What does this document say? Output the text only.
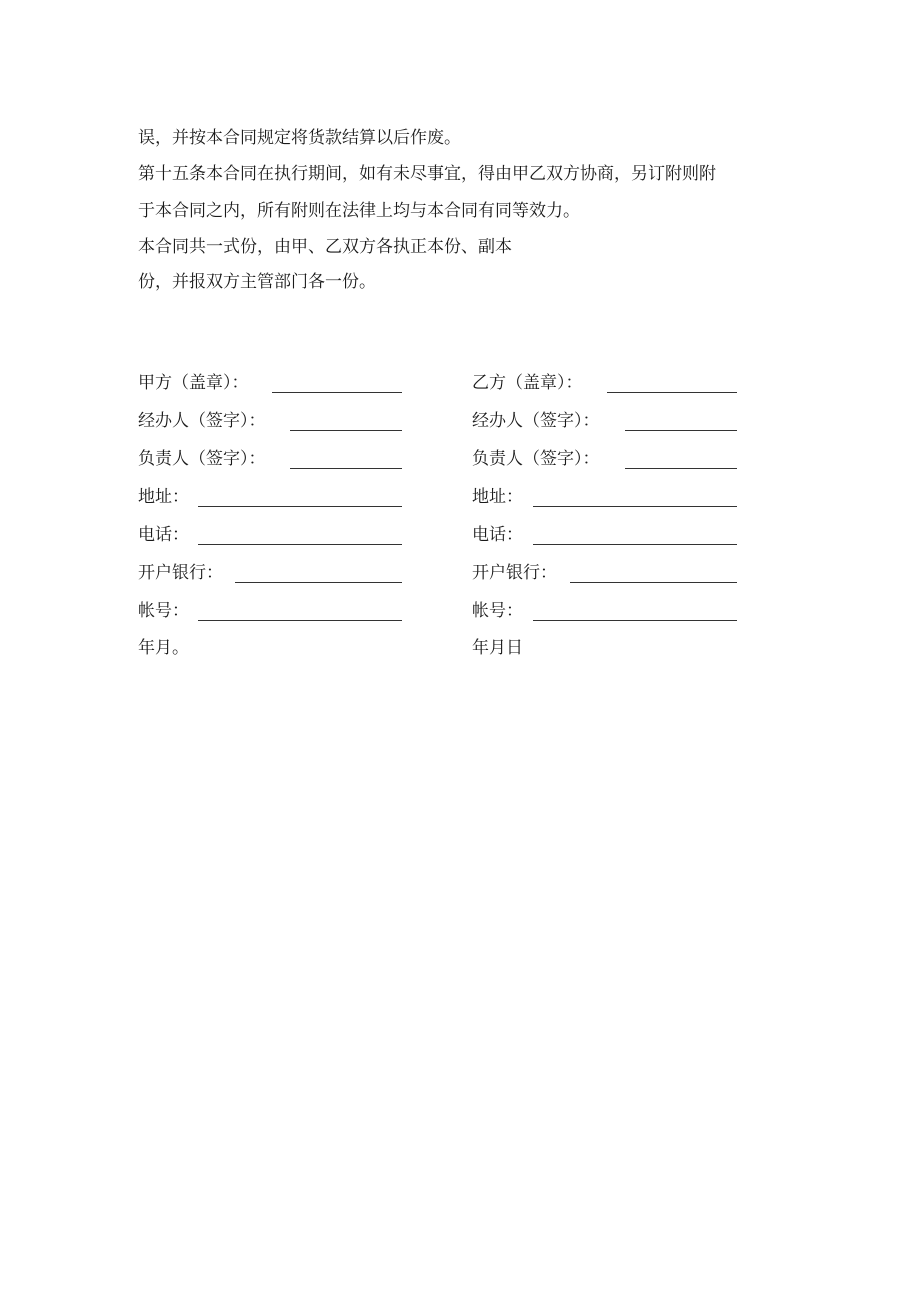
误，并按本合同规定将货款结算以后作废。
第十五条本合同在执行期间，如有未尽事宜，得由甲乙双方协商，另订附则附
于本合同之内，所有附则在法律上均与本合同有同等效力。
本合同共一式份，由甲、乙双方各执正本份、副本
份，并报双方主管部门各一份。
甲方（盖章）：
经办人（签字）：
负责人（签字）：
地址：
电话：
开户银行：
帐号：
年月。
乙方（盖章）：
经办人（签字）：
负责人（签字）：
地址：
电话：
开户银行：
帐号：
年月日
